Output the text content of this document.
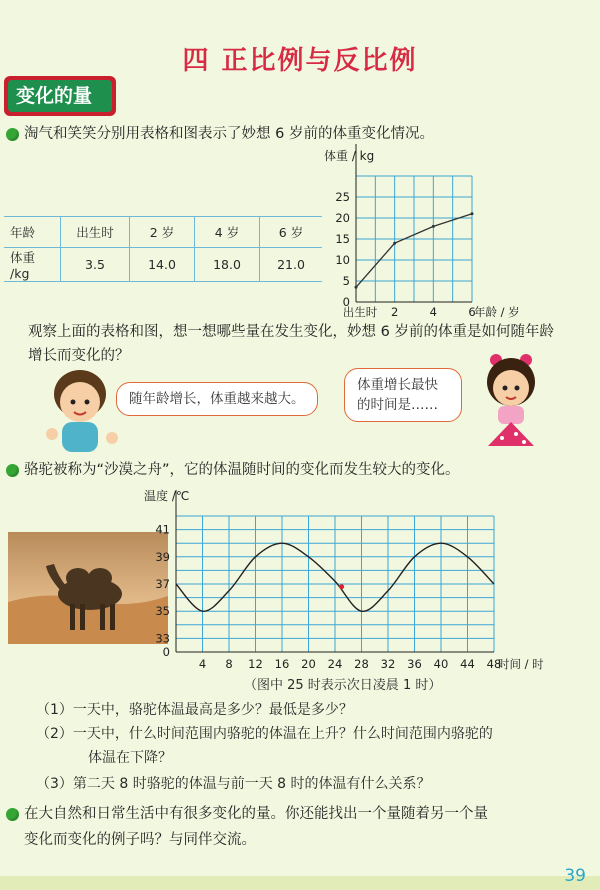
四 正比例与反比例
变化的量
淘气和笑笑分别用表格和图表示了妙想 6 岁前的体重变化情况。
年龄	出生时	2 岁	4 岁	6 岁
体重 /kg	3.5	14.0	18.0	21.0
体重 / kg
0
5
10
15
20
25
出生时 2	4	6
年龄 / 岁
观察上面的表格和图，想一想哪些量在发生变化，妙想 6 岁前的体重是如何随年龄增长而变化的？
随年龄增长，体重越来越大。
体重增长最快的时间是……
骆驼被称为“沙漠之舟”，它的体温随时间的变化而发生较大的变化。
温度 /℃
33
35
37
39
41
0
4 8 12 16 20 24 28 32 36 40 44 48
时间 / 时
（图中 25 时表示次日凌晨 1 时）
（1）一天中，骆驼体温最高是多少？最低是多少？
（2）一天中，什么时间范围内骆驼的体温在上升？什么时间范围内骆驼的
体温在下降？
（3）第二天 8 时骆驼的体温与前一天 8 时的体温有什么关系？
在大自然和日常生活中有很多变化的量。你还能找出一个量随着另一个量
变化而变化的例子吗？与同伴交流。
39
